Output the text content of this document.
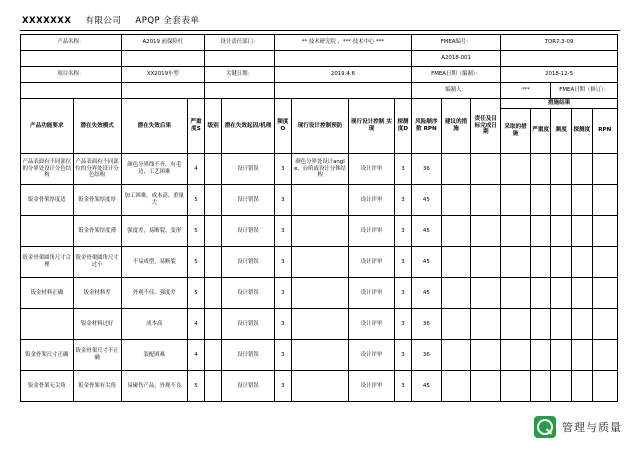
XXXXXXX 有限公司 APQP 全套表单
产品名称：		A2019 前保险杠		设计责任部门：		** 技术研究院 、*** 技术中心 ***				FMEA编号：			TQR7.3-09				
										A2018-001							
项目名称：		XX2019车型		关键日期：		2019.4.6				FMEA日期（编制）：			2018-12-5				
										编制人：			***		FMEA日期（修订）：		
产品功能要求	潜在失效模式	潜在失效后果	严重度S	级别	潜在失效起因/机理	频度O	现行设计控制预防	现行设计控制 实现	探测度D	风险顺序数 RPN	建议的措施	责任及目标完成日期	措施结果				
													采取的措施	严重度	频度	探测度	RPN
产品表面有不同部位的分界处设计分色结构	产品表面有不同部位的分界处设计分色结构	颜色分界线不齐，有毛边，工艺困难	4		设计错误	3	颜色分界处设计angle、台阶或设计分体结构	设计评审	3	36							
钣金骨架厚度适	钣金骨架厚度厚	加工困难，成本高、重量大	5		设计错误	3		设计评审	3	45							
	钣金骨架厚度薄	强度差，易断裂、变形	5		设计错误	3		设计评审	3	45							
钣金骨架圆角尺寸合理	钣金骨架圆角尺寸过小	不易成型，易断裂	5		设计错误	3		设计评审	3	45							
钣金材料正确	钣金材料差	外观不佳、强度差	5		设计错误	3		设计评审	3	45							
	钣金材料过好	成本高	4		设计错误	3		设计评审	3	36							
钣金骨架尺寸正确	钣金骨架尺寸不正确	装配困难	4		设计错误	3		设计评审	3	36							
钣金骨架无尖角	钣金骨架有尖角	易碰伤产品，外观不良	5		设计错误	3		设计评审	3	45							
管理与质量
